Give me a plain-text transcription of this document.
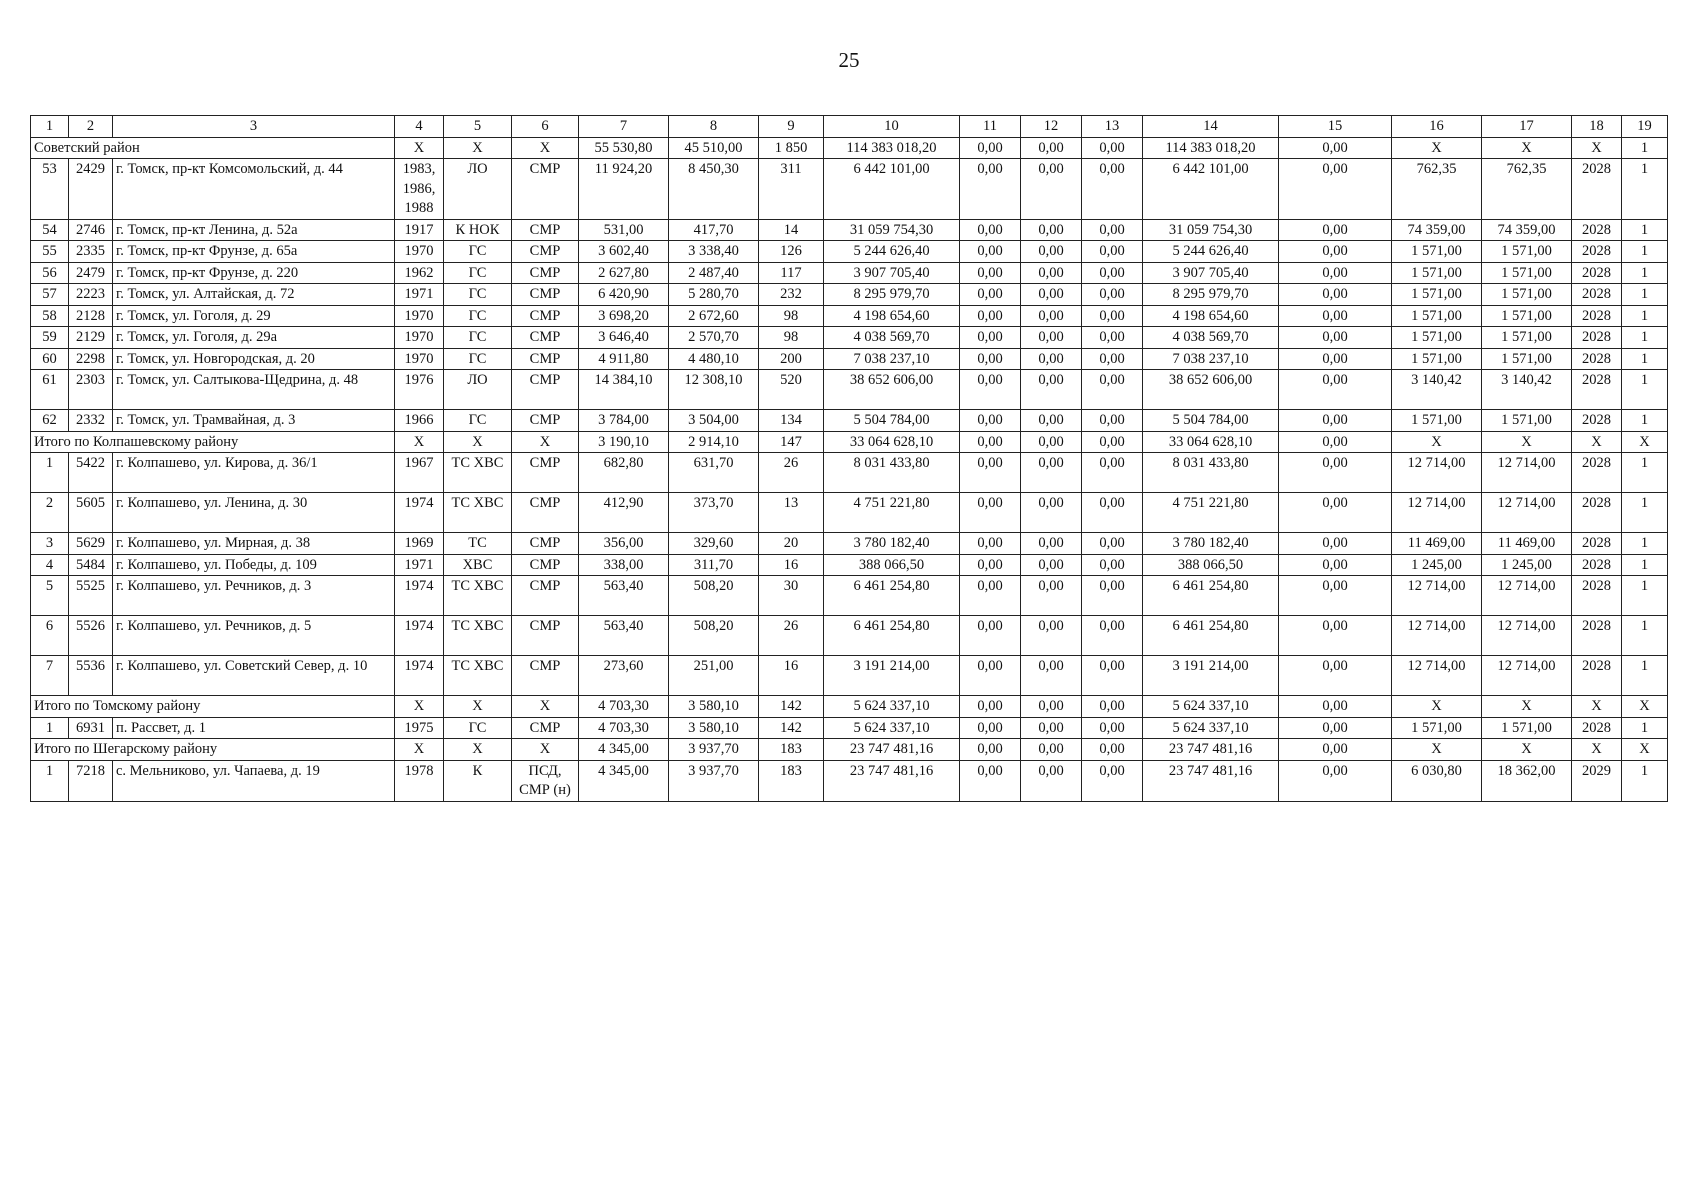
25
1	2	3	4	5	6	7	8	9	10	11	12	13	14	15	16	17	18	19
Советский район			X	X	X	55 530,80	45 510,00	1 850	114 383 018,20	0,00	0,00	0,00	114 383 018,20	0,00	X	X	X	1
53	2429	г. Томск, пр-кт Комсомольский, д. 44	1983, 1986, 1988	ЛО	СМР	11 924,20	8 450,30	311	6 442 101,00	0,00	0,00	0,00	6 442 101,00	0,00	762,35	762,35	2028	1
54	2746	г. Томск, пр-кт Ленина, д. 52а	1917	К НОК	СМР	531,00	417,70	14	31 059 754,30	0,00	0,00	0,00	31 059 754,30	0,00	74 359,00	74 359,00	2028	1
55	2335	г. Томск, пр-кт Фрунзе, д. 65а	1970	ГС	СМР	3 602,40	3 338,40	126	5 244 626,40	0,00	0,00	0,00	5 244 626,40	0,00	1 571,00	1 571,00	2028	1
56	2479	г. Томск, пр-кт Фрунзе, д. 220	1962	ГС	СМР	2 627,80	2 487,40	117	3 907 705,40	0,00	0,00	0,00	3 907 705,40	0,00	1 571,00	1 571,00	2028	1
57	2223	г. Томск, ул. Алтайская, д. 72	1971	ГС	СМР	6 420,90	5 280,70	232	8 295 979,70	0,00	0,00	0,00	8 295 979,70	0,00	1 571,00	1 571,00	2028	1
58	2128	г. Томск, ул. Гоголя, д. 29	1970	ГС	СМР	3 698,20	2 672,60	98	4 198 654,60	0,00	0,00	0,00	4 198 654,60	0,00	1 571,00	1 571,00	2028	1
59	2129	г. Томск, ул. Гоголя, д. 29а	1970	ГС	СМР	3 646,40	2 570,70	98	4 038 569,70	0,00	0,00	0,00	4 038 569,70	0,00	1 571,00	1 571,00	2028	1
60	2298	г. Томск, ул. Новгородская, д. 20	1970	ГС	СМР	4 911,80	4 480,10	200	7 038 237,10	0,00	0,00	0,00	7 038 237,10	0,00	1 571,00	1 571,00	2028	1
61	2303	г. Томск, ул. Салтыкова-Щедрина, д. 48	1976	ЛО	СМР	14 384,10	12 308,10	520	38 652 606,00	0,00	0,00	0,00	38 652 606,00	0,00	3 140,42	3 140,42	2028	1
62	2332	г. Томск, ул. Трамвайная, д. 3	1966	ГС	СМР	3 784,00	3 504,00	134	5 504 784,00	0,00	0,00	0,00	5 504 784,00	0,00	1 571,00	1 571,00	2028	1
Итого по Колпашевскому району			X	X	X	3 190,10	2 914,10	147	33 064 628,10	0,00	0,00	0,00	33 064 628,10	0,00	X	X	X	X
1	5422	г. Колпашево, ул. Кирова, д. 36/1	1967	ТС ХВС	СМР	682,80	631,70	26	8 031 433,80	0,00	0,00	0,00	8 031 433,80	0,00	12 714,00	12 714,00	2028	1
2	5605	г. Колпашево, ул. Ленина, д. 30	1974	ТС ХВС	СМР	412,90	373,70	13	4 751 221,80	0,00	0,00	0,00	4 751 221,80	0,00	12 714,00	12 714,00	2028	1
3	5629	г. Колпашево, ул. Мирная, д. 38	1969	ТС	СМР	356,00	329,60	20	3 780 182,40	0,00	0,00	0,00	3 780 182,40	0,00	11 469,00	11 469,00	2028	1
4	5484	г. Колпашево, ул. Победы, д. 109	1971	ХВС	СМР	338,00	311,70	16	388 066,50	0,00	0,00	0,00	388 066,50	0,00	1 245,00	1 245,00	2028	1
5	5525	г. Колпашево, ул. Речников, д. 3	1974	ТС ХВС	СМР	563,40	508,20	30	6 461 254,80	0,00	0,00	0,00	6 461 254,80	0,00	12 714,00	12 714,00	2028	1
6	5526	г. Колпашево, ул. Речников, д. 5	1974	ТС ХВС	СМР	563,40	508,20	26	6 461 254,80	0,00	0,00	0,00	6 461 254,80	0,00	12 714,00	12 714,00	2028	1
7	5536	г. Колпашево, ул. Советский Север, д. 10	1974	ТС ХВС	СМР	273,60	251,00	16	3 191 214,00	0,00	0,00	0,00	3 191 214,00	0,00	12 714,00	12 714,00	2028	1
Итого по Томскому району			X	X	X	4 703,30	3 580,10	142	5 624 337,10	0,00	0,00	0,00	5 624 337,10	0,00	X	X	X	X
1	6931	п. Рассвет, д. 1	1975	ГС	СМР	4 703,30	3 580,10	142	5 624 337,10	0,00	0,00	0,00	5 624 337,10	0,00	1 571,00	1 571,00	2028	1
Итого по Шегарскому району			X	X	X	4 345,00	3 937,70	183	23 747 481,16	0,00	0,00	0,00	23 747 481,16	0,00	X	X	X	X
1	7218	с. Мельниково, ул. Чапаева, д. 19	1978	К	ПСД, СМР (н)	4 345,00	3 937,70	183	23 747 481,16	0,00	0,00	0,00	23 747 481,16	0,00	6 030,80	18 362,00	2029	1
